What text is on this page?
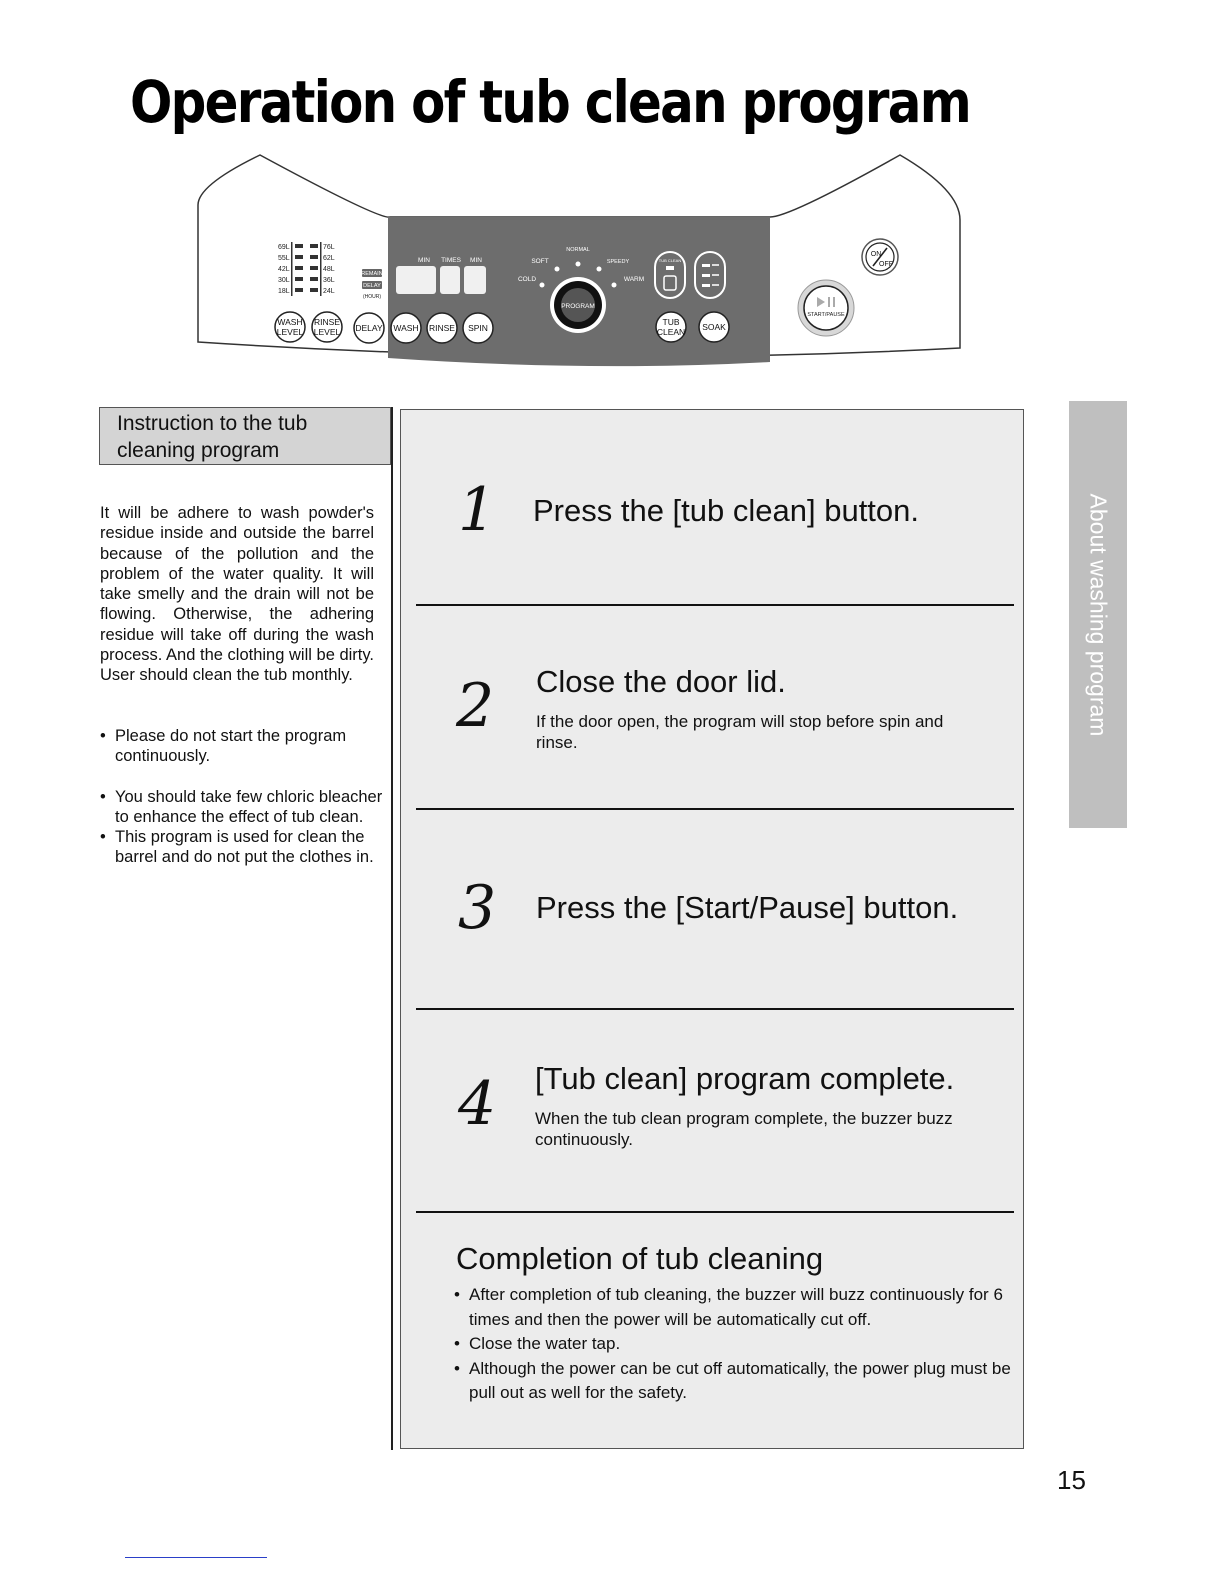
Operation of tub clean program
69L
55L
42L
30L
18L
76L
62L
48L
36L
24L
REMAIN
DELAY
(HOUR)
MIN TIMES MIN
NORMAL
SOFT	SPEEDY
COLD	WARM
PROGRAM
TUB CLEAN
ON
OFF
START/PAUSE
WASH
LEVEL
RINSE
LEVEL DELAY WASH RINSE SPIN
TUB
CLEAN SOAK
Instruction to the tub cleaning program

It will be adhere to wash powder's residue inside and outside the barrel because of the pollution and the problem of the water quality. It will take smelly and the drain will not be flowing. Otherwise, the adhering residue will take off during the wash process. And the clothing will be dirty. User should clean the tub monthly.

• Please do not start the program continuously.
• You should take few chloric bleacher to enhance the effect of tub clean.
• This program is used for clean the barrel and do not put the clothes in.
1 Press the [tub clean] button.
2 Close the door lid.

If the door open, the program will stop before spin and rinse.

3 Press the [Start/Pause] button.
4 [Tub clean] program complete.

When the tub clean program complete, the buzzer buzz continuously.

Completion of tub cleaning
• After completion of tub cleaning, the buzzer will buzz continuously for 6 times and then the power will be automatically cut off.
• Close the water tap.
• Although the power can be cut off automatically, the power plug must be pull out as well for the safety.
About washing program
15
